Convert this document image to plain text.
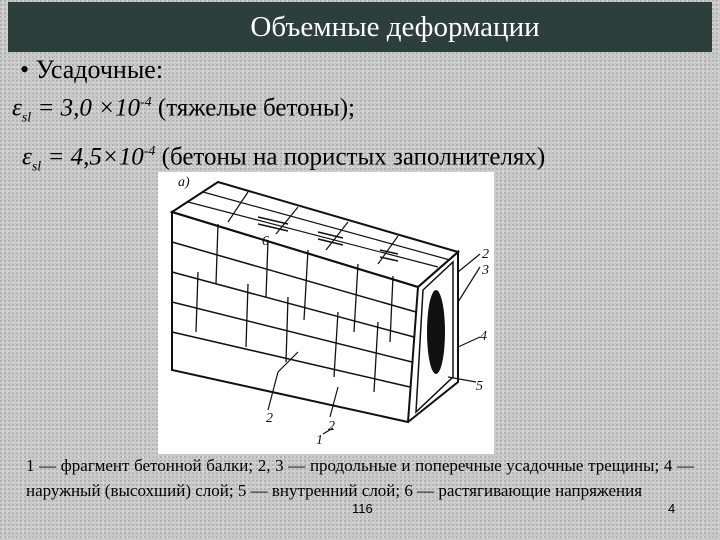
Объемные деформации
• Усадочные:
$\varepsilon_{sl} = 3,0 \times 10^{-4}$ (тяжелые бетоны);
$\varepsilon_{sl} = 4,5\times 10^{-4}$ (бетоны на пористых заполнителях)
a)
6
2
3
4
5
2
2
1
1 — фрагмент бетонной балки; 2, 3 — продольные и поперечные усадочные трещины; 4 — наружный (высохший) слой; 5 — внутренний слой; 6 — растягивающие напряжения
116	4
